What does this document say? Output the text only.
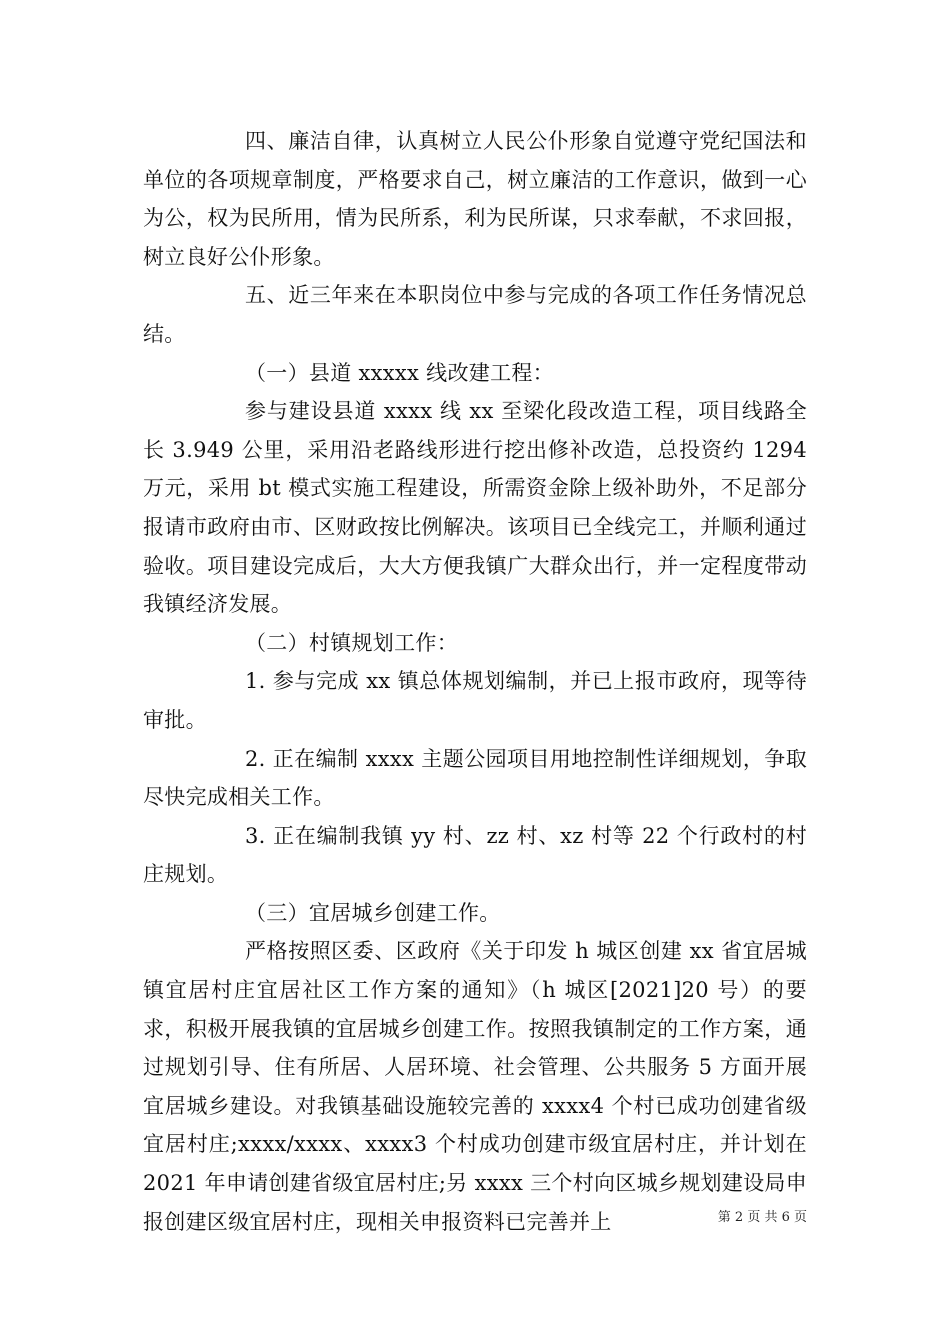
四、廉洁自律，认真树立人民公仆形象自觉遵守党纪国法和单位的各项规章制度，严格要求自己，树立廉洁的工作意识，做到一心为公，权为民所用，情为民所系，利为民所谋，只求奉献，不求回报，树立良好公仆形象。

五、近三年来在本职岗位中参与完成的各项工作任务情况总结。

（一）县道 xxxxx 线改建工程：

参与建设县道 xxxx 线 xx 至梁化段改造工程，项目线路全长 3.949 公里，采用沿老路线形进行挖出修补改造，总投资约 1294 万元，采用 bt 模式实施工程建设，所需资金除上级补助外，不足部分报请市政府由市、区财政按比例解决。该项目已全线完工，并顺利通过验收。项目建设完成后，大大方便我镇广大群众出行，并一定程度带动我镇经济发展。

（二）村镇规划工作：

1. 参与完成 xx 镇总体规划编制，并已上报市政府，现等待审批。

2. 正在编制 xxxx 主题公园项目用地控制性详细规划，争取尽快完成相关工作。

3. 正在编制我镇 yy 村、zz 村、xz 村等 22 个行政村的村庄规划。

（三）宜居城乡创建工作。

严格按照区委、区政府《关于印发 h 城区创建 xx 省宜居城镇宜居村庄宜居社区工作方案的通知》（h 城区[2021]20 号）的要求，积极开展我镇的宜居城乡创建工作。按照我镇制定的工作方案，通过规划引导、住有所居、人居环境、社会管理、公共服务 5 方面开展宜居城乡建设。对我镇基础设施较完善的 xxxx4 个村已成功创建省级宜居村庄;xxxx/xxxx、xxxx3 个村成功创建市级宜居村庄，并计划在 2021 年申请创建省级宜居村庄;另 xxxx 三个村向区城乡规划建设局申报创建区级宜居村庄，现相关申报资料已完善并上	第 2 页 共 6 页
